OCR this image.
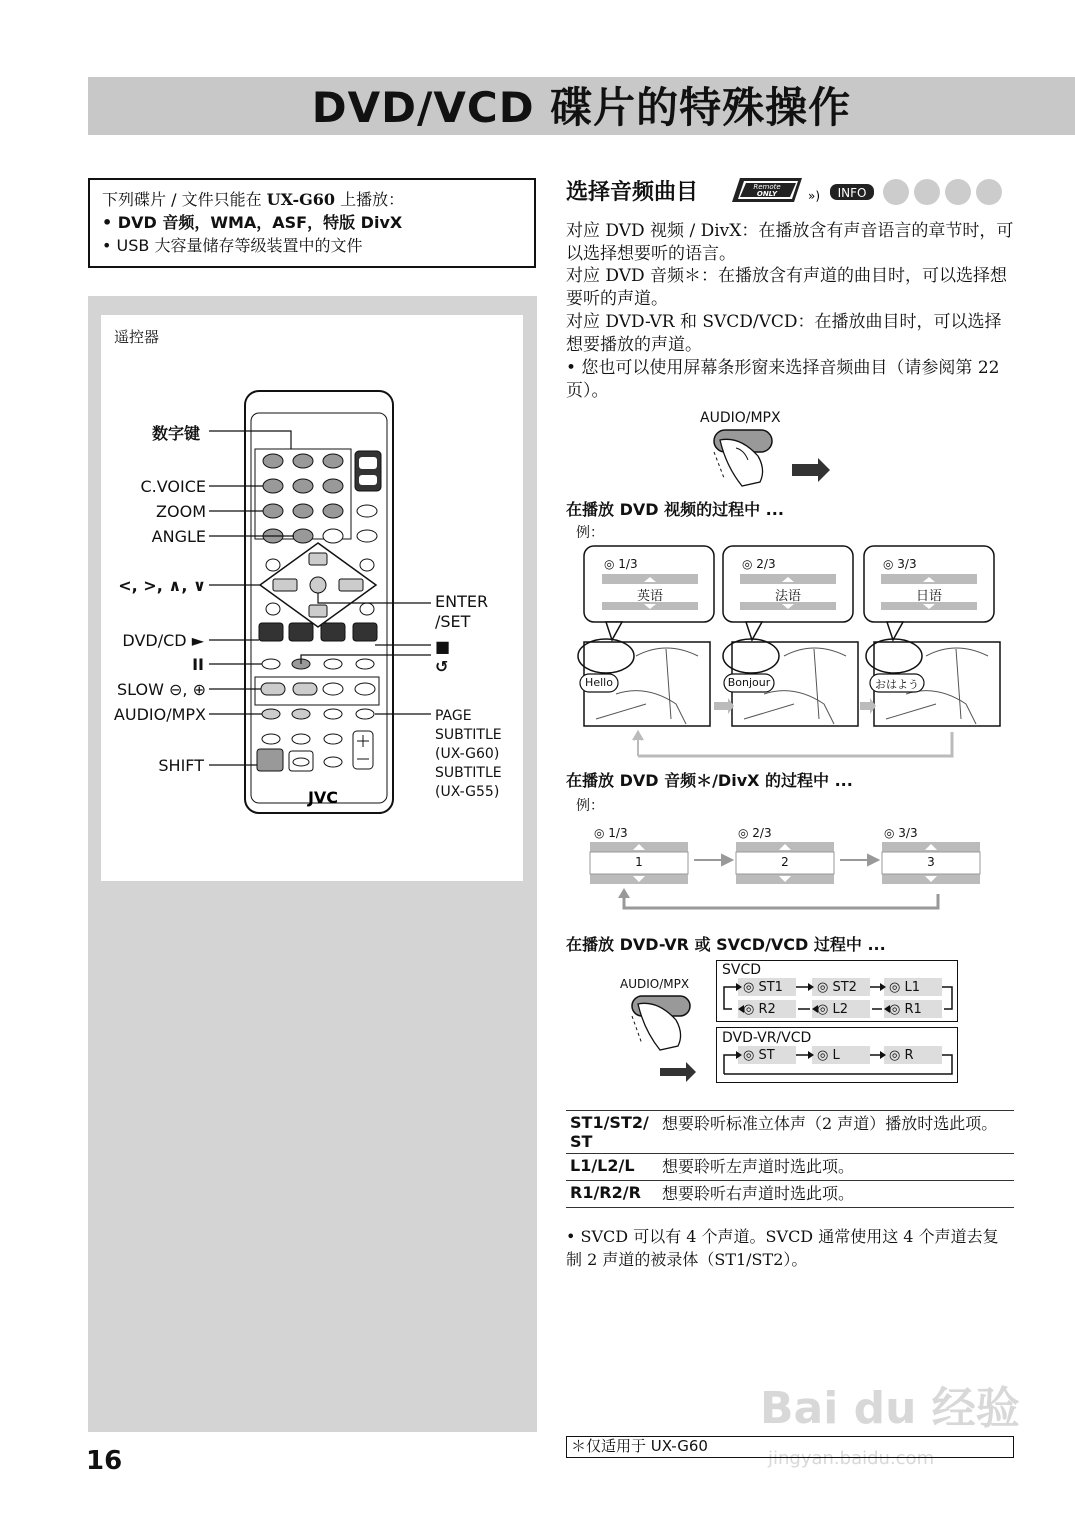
DVD/VCD 碟片的特殊操作
下列碟片 / 文件只能在 UX-G60 上播放：
• DVD 音频，WMA，ASF，特版 DivX
• USB 大容量储存等级装置中的文件
遥控器
JVC
数字键
C.VOICE
ZOOM
ANGLE
<, >, ∧, ∨
DVD/CD ►
II
SLOW ⊖, ⊕
AUDIO/MPX
SHIFT
ENTER
/SET
■
↺
PAGE
SUBTITLE
(UX-G60)
SUBTITLE
(UX-G55)
选择音频曲目	Remote
ONLY	») INFO
对应 DVD 视频 / DivX：在播放含有声音语言的章节时，可以选择想要听的语言。
对应 DVD 音频＊：在播放含有声道的曲目时，可以选择想要听的声道。
对应 DVD-VR 和 SVCD/VCD：在播放曲目时，可以选择想要播放的声道。
• 您也可以使用屏幕条形窗来选择音频曲目（请参阅第 22 页）。
AUDIO/MPX
在播放 DVD 视频的过程中 ...
例：
◎ 1/3	◎ 2/3	◎ 3/3
英语	法语	日语
Hello	Bonjour	おはよう
在播放 DVD 音频＊/DivX 的过程中 ...
例：
◎ 1/3	◎ 2/3	◎ 3/3
1	2	3
在播放 DVD-VR 或 SVCD/VCD 过程中 ...
AUDIO/MPX
SVCD
◎ ST1	◎ ST2 ◎ L1
◎ R2	◎ L2	◎ R1
DVD-VR/VCD
◎ ST	◎ L	◎ R
ST1/ST2/ ST	想要聆听标准立体声（2 声道）播放时选此项。
L1/L2/L	想要聆听左声道时选此项。
R1/R2/R	想要聆听右声道时选此项。
• SVCD 可以有 4 个声道。SVCD 通常使用这 4 个声道去复制 2 声道的被录体（ST1/ST2）。
Bai du 经验
jingyan.baidu.com
＊仅适用于 UX-G60
16
